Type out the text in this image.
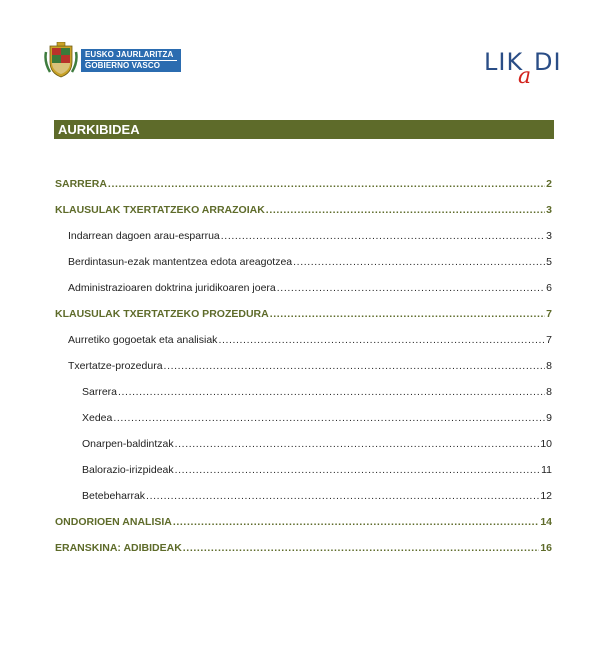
EUSKO JAURLARITZA
GOBIERNO VASCO	LIK
a
DI
AURKIBIDEA
SARRERA .....	2
KLAUSULAK TXERTATZEKO ARRAZOIAK .....	3
Indarrean dagoen arau-esparrua .....	3
Berdintasun-ezak mantentzea edota areagotzea .....	5
Administrazioaren doktrina juridikoaren joera .....	6
KLAUSULAK TXERTATZEKO PROZEDURA .....	7
Aurretiko gogoetak eta analisiak .....	7
Txertatze-prozedura .....	8
Sarrera .....	8
Xedea .....	9
Onarpen-baldintzak .....	10
Balorazio-irizpideak .....	11
Betebeharrak .....	12
ONDORIOEN ANALISIA .....	14
ERANSKINA: ADIBIDEAK .....	16
